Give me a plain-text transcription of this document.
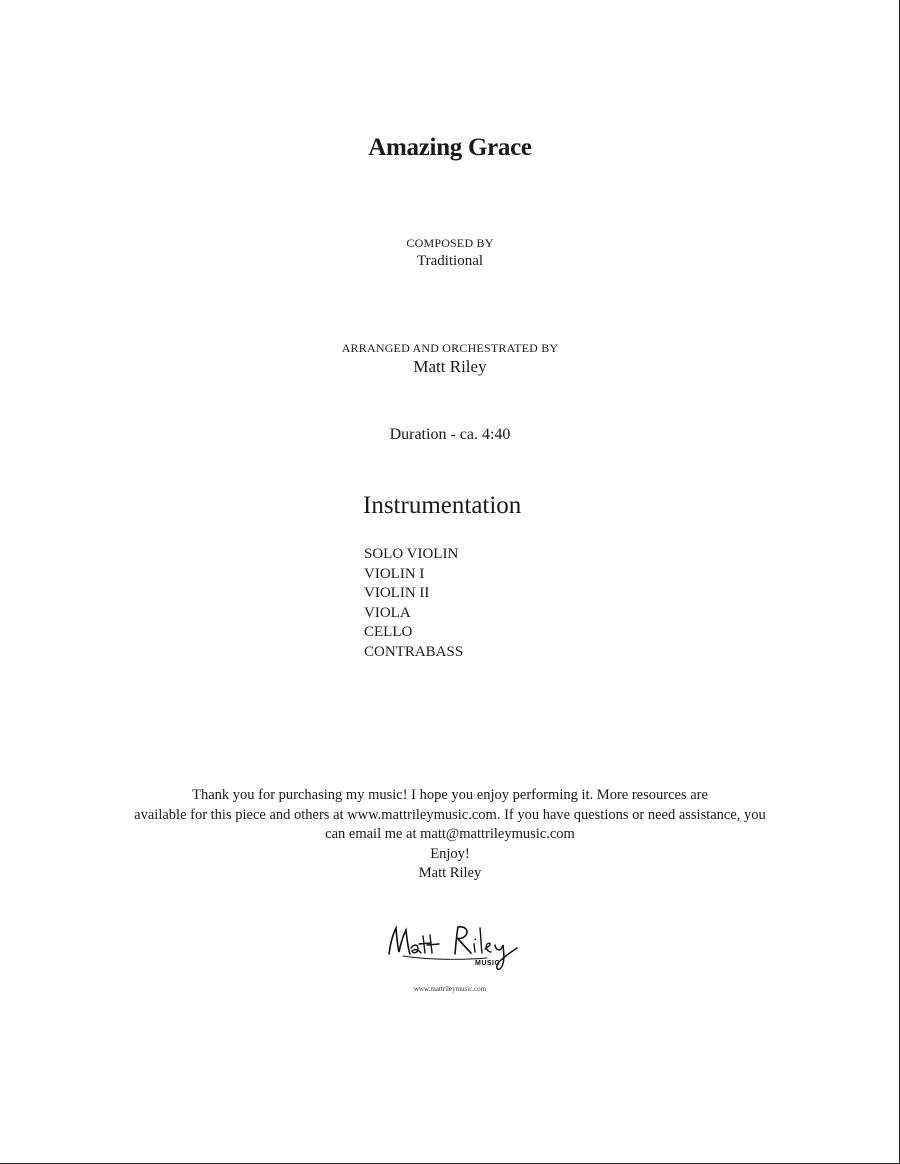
Amazing Grace
COMPOSED BY
Traditional
ARRANGED AND ORCHESTRATED BY
Matt Riley
Duration - ca. 4:40
Instrumentation
SOLO VIOLIN
VIOLIN I
VIOLIN II
VIOLA
CELLO
CONTRABASS
Thank you for purchasing my music! I hope you enjoy performing it. More resources are
available for this piece and others at www.mattrileymusic.com. If you have questions or need assistance, you
can email me at matt@mattrileymusic.com
Enjoy!
Matt Riley
MUSIC
www.mattrileymusic.com
